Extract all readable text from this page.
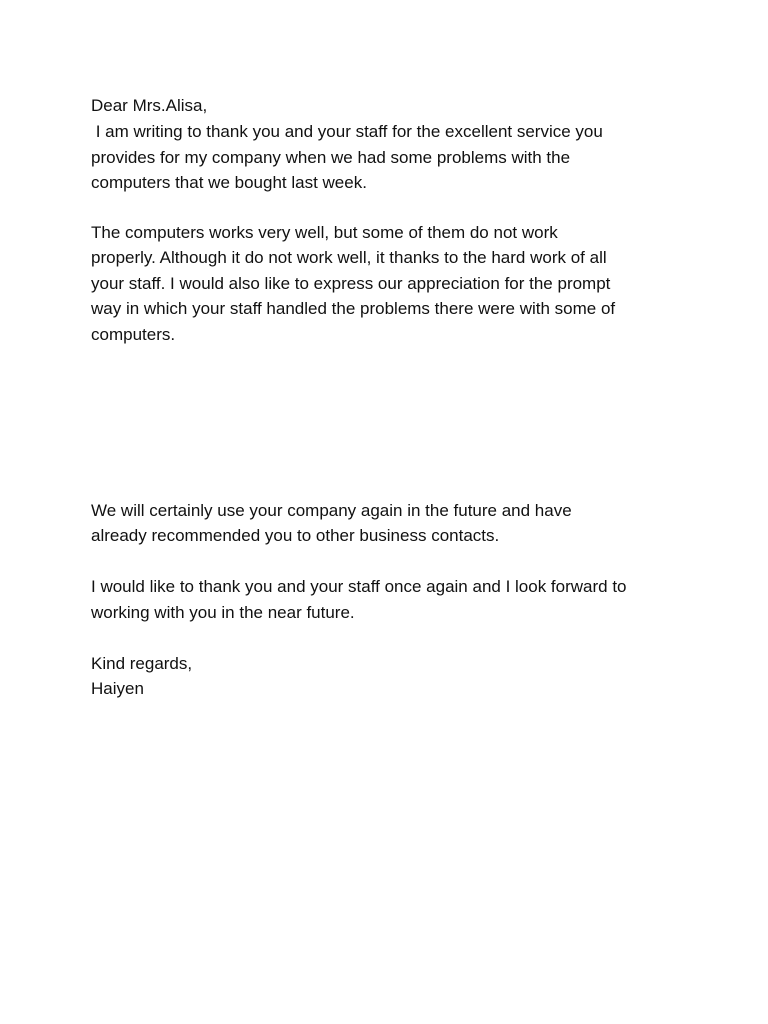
Dear Mrs.Alisa,

I am writing to thank you and your staff for the excellent service you

provides for my company when we had some problems with the

computers that we bought last week.

The computers works very well, but some of them do not work

properly. Although it do not work well, it thanks to the hard work of all

your staff. I would also like to express our appreciation for the prompt

way in which your staff handled the problems there were with some of

computers.

We will certainly use your company again in the future and have

already recommended you to other business contacts.

I would like to thank you and your staff once again and I look forward to

working with you in the near future.

Kind regards,

Haiyen
